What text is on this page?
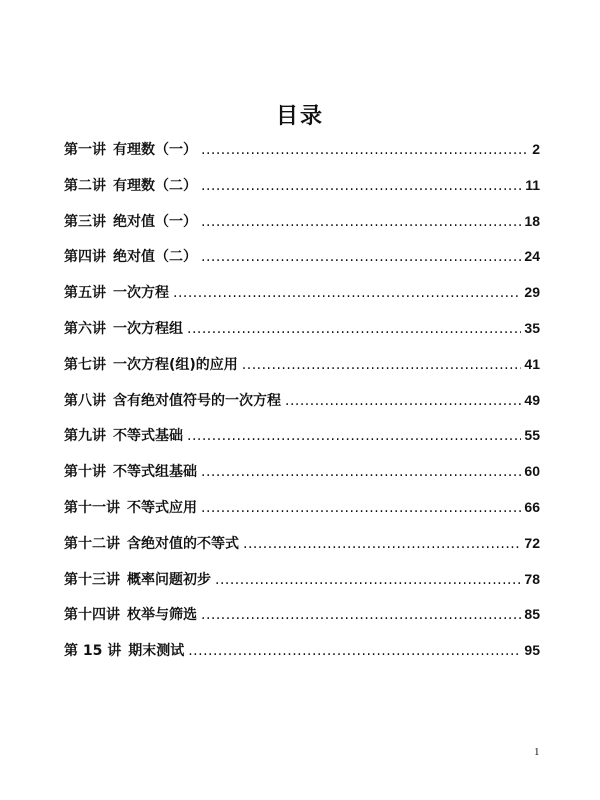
目录
第一讲 有理数（一） .....	2
第二讲 有理数（二） .....	11
第三讲 绝对值（一） .....	18
第四讲 绝对值（二） .....	24
第五讲 一次方程 .....	29
第六讲 一次方程组 .....	35
第七讲 一次方程(组)的应用 .....	41
第八讲 含有绝对值符号的一次方程 .....	49
第九讲 不等式基础 .....	55
第十讲 不等式组基础 .....	60
第十一讲 不等式应用 .....	66
第十二讲 含绝对值的不等式 .....	72
第十三讲 概率问题初步 .....	78
第十四讲 枚举与筛选 .....	85
第 15 讲 期末测试 .....	95
1
